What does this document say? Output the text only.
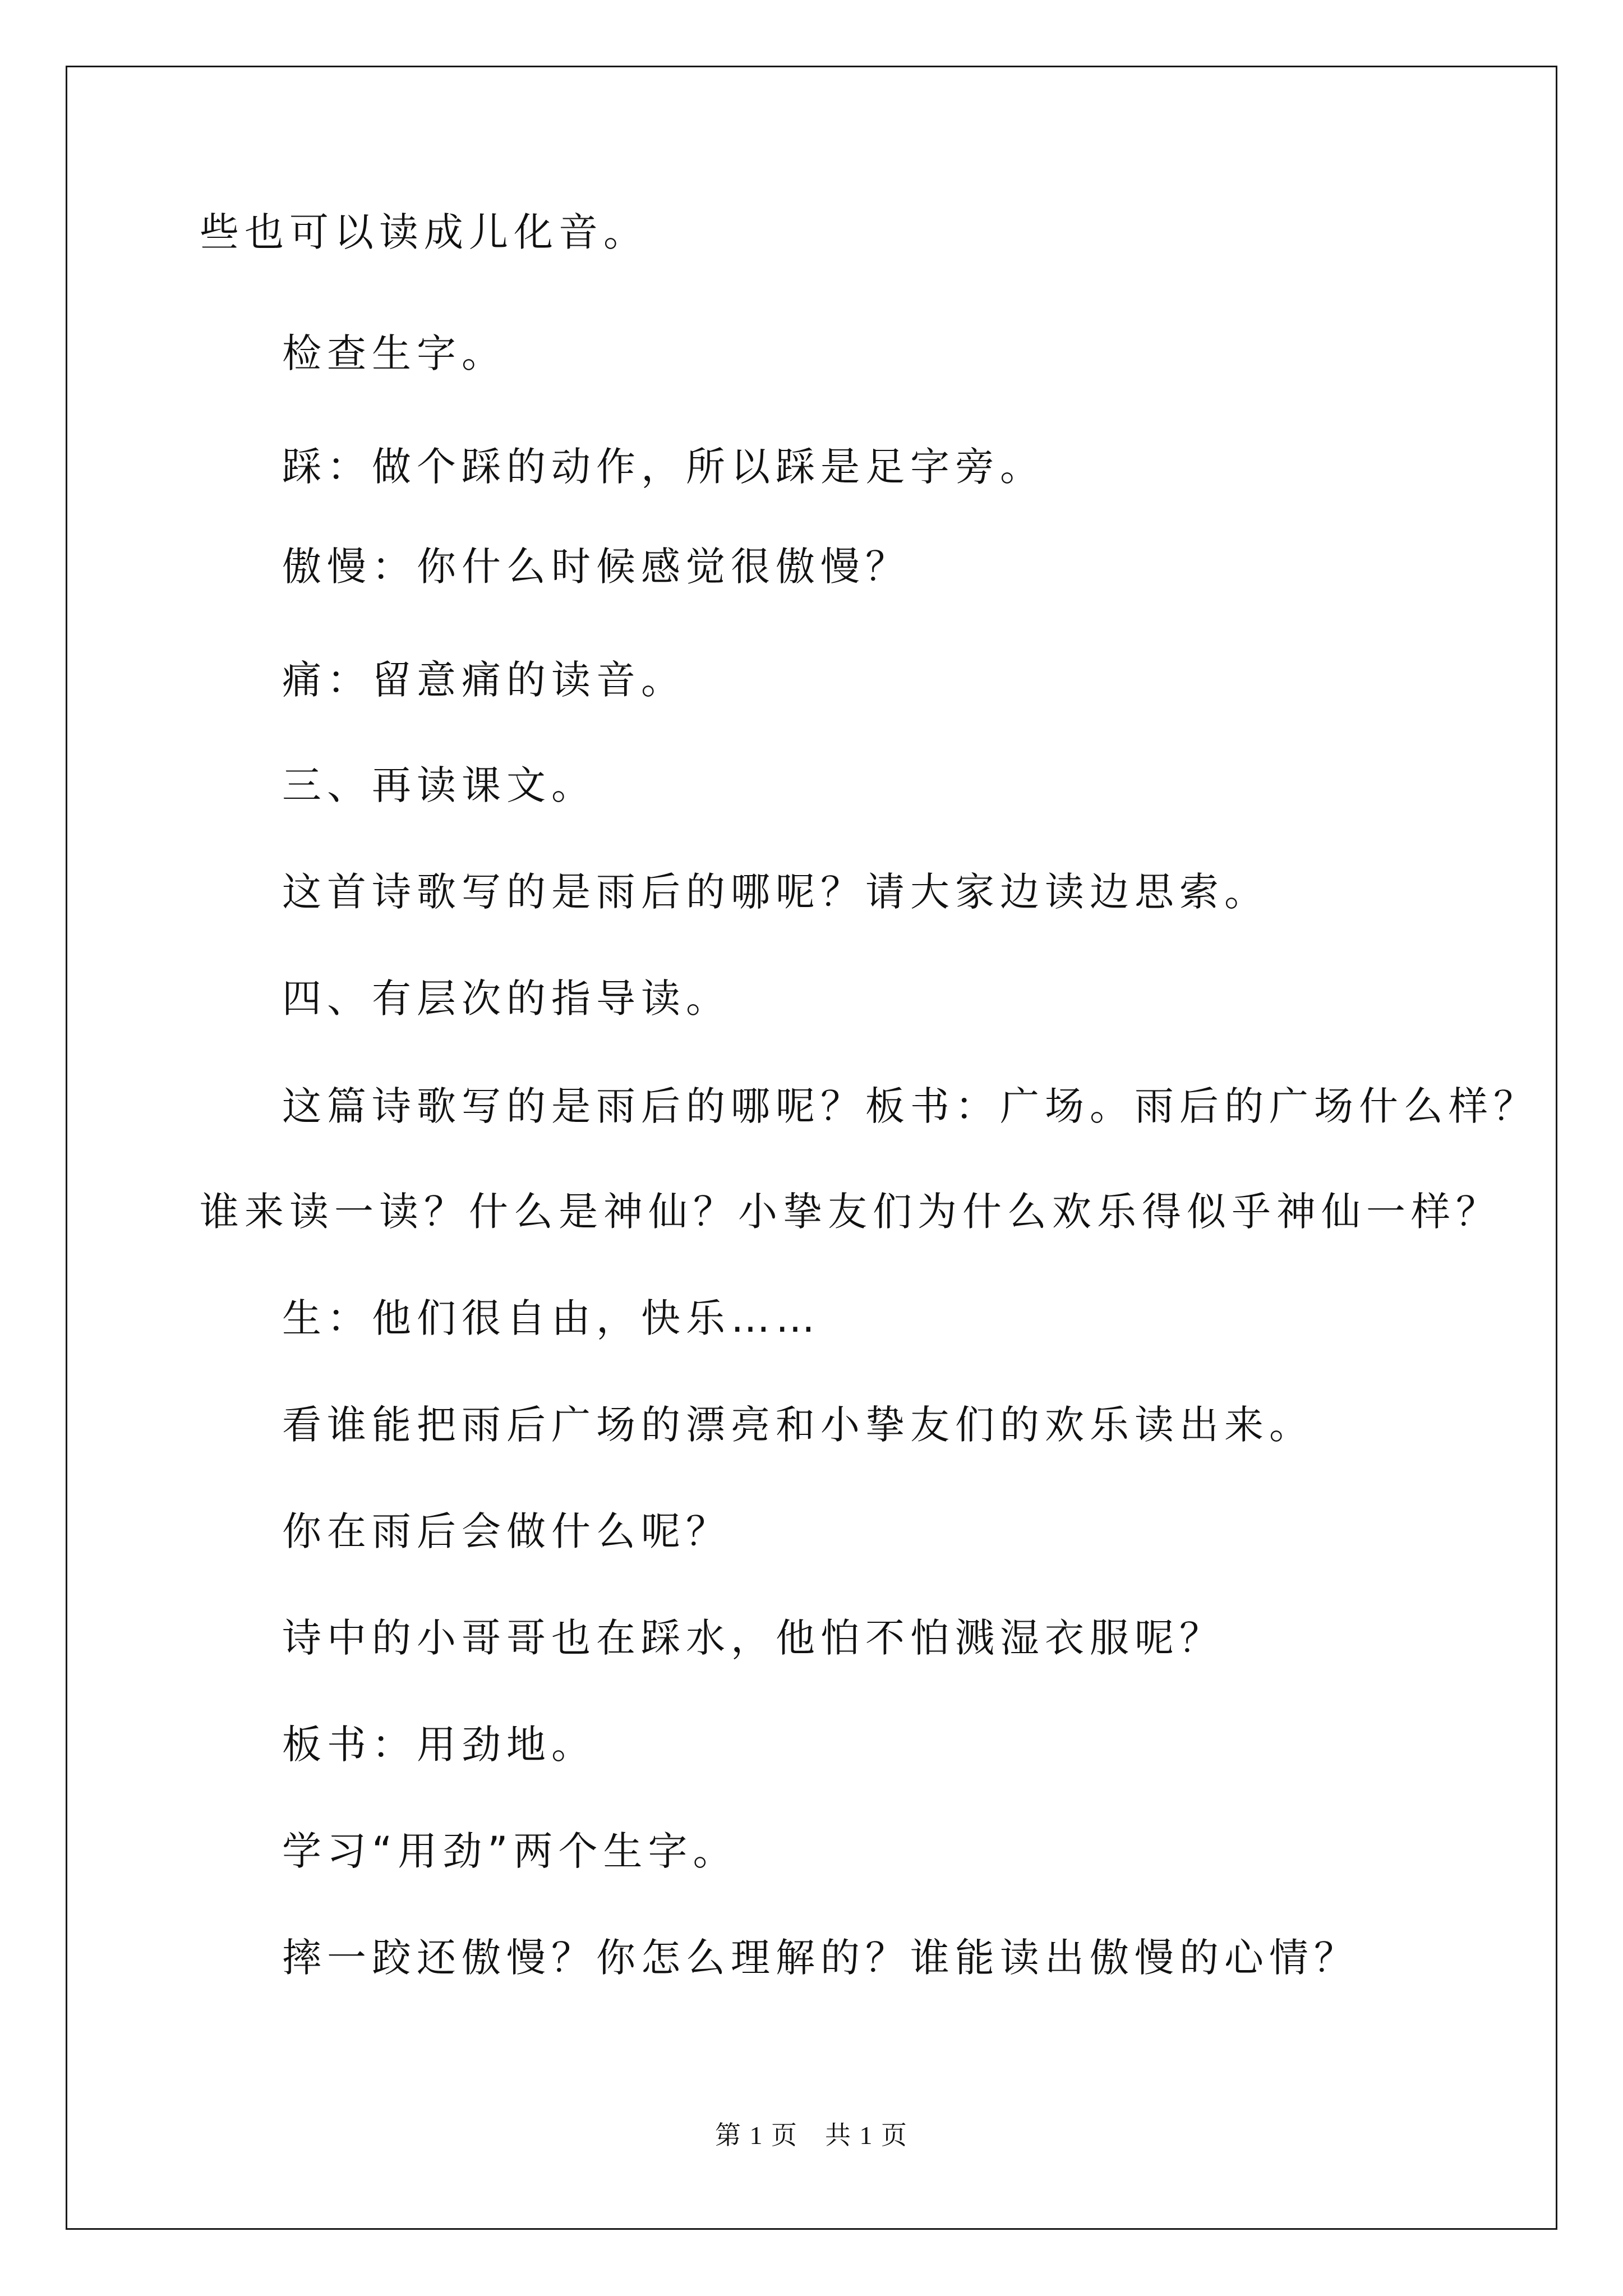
些也可以读成儿化音。

检查生字。

踩：做个踩的动作，所以踩是足字旁。

傲慢：你什么时候感觉很傲慢？

痛：留意痛的读音。

三、再读课文。

这首诗歌写的是雨后的哪呢？请大家边读边思索。

四、有层次的指导读。

这篇诗歌写的是雨后的哪呢？板书：广场。雨后的广场什么样？

谁来读一读？什么是神仙？小挚友们为什么欢乐得似乎神仙一样？

生：他们很自由，快乐……

看谁能把雨后广场的漂亮和小挚友们的欢乐读出来。

你在雨后会做什么呢？

诗中的小哥哥也在踩水，他怕不怕溅湿衣服呢？

板书：用劲地。

学习“用劲”两个生字。

摔一跤还傲慢？你怎么理解的？谁能读出傲慢的心情？

第 1 页　共 1 页
